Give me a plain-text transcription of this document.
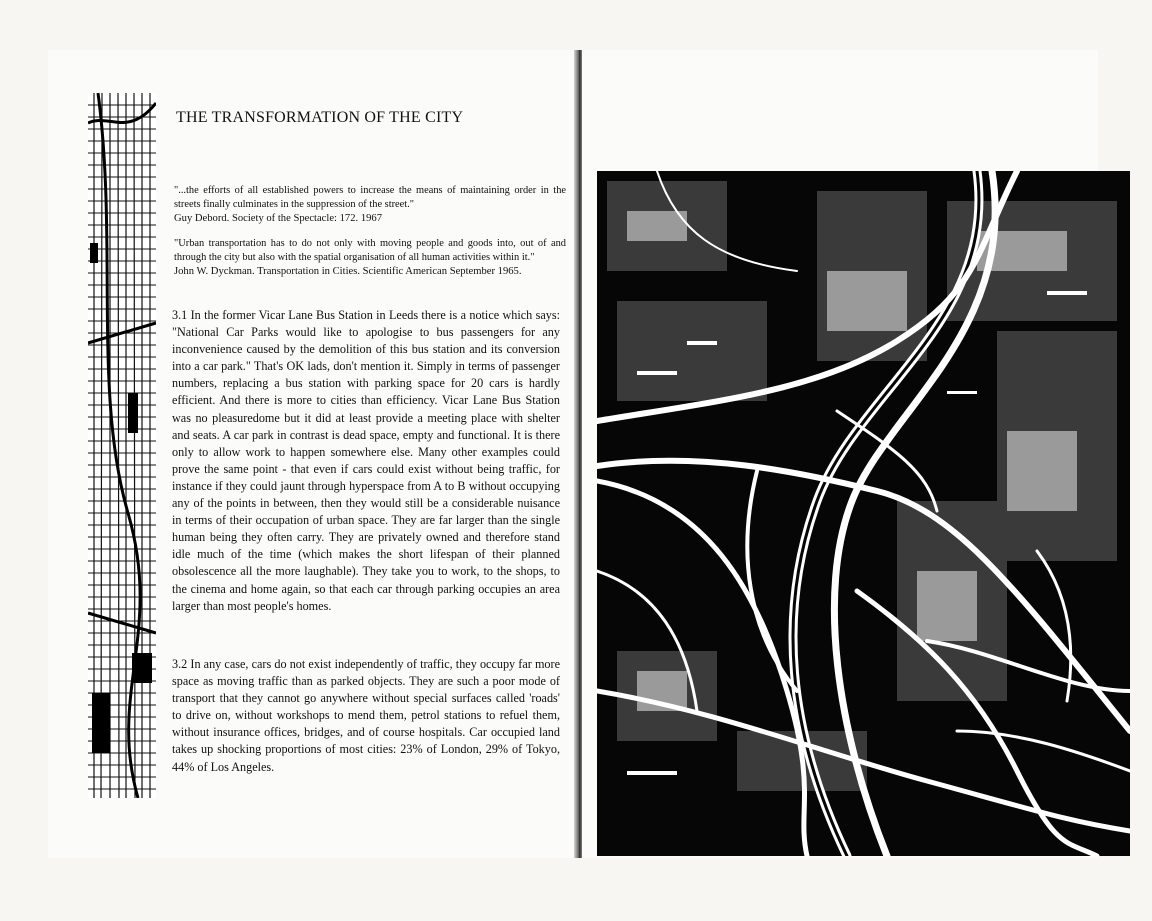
THE TRANSFORMATION OF THE CITY
"...the efforts of all established powers to increase the means of maintaining order in the streets finally culminates in the suppression of the street."
Guy Debord. Society of the Spectacle: 172. 1967
"Urban transportation has to do not only with moving people and goods into, out of and through the city but also with the spatial organisation of all human activities within it."
John W. Dyckman. Transportation in Cities. Scientific American September 1965.

3.1 In the former Vicar Lane Bus Station in Leeds there is a notice which says: "National Car Parks would like to apologise to bus passengers for any inconvenience caused by the demolition of this bus station and its conversion into a car park." That's OK lads, don't mention it. Simply in terms of passenger numbers, replacing a bus station with parking space for 20 cars is hardly efficient. And there is more to cities than efficiency. Vicar Lane Bus Station was no pleasuredome but it did at least provide a meeting place with shelter and seats. A car park in contrast is dead space, empty and functional. It is there only to allow work to happen somewhere else. Many other examples could prove the same point - that even if cars could exist without being traffic, for instance if they could jaunt through hyperspace from A to B without occupying any of the points in between, then they would still be a considerable nuisance in terms of their occupation of urban space. They are far larger than the single human being they often carry. They are privately owned and therefore stand idle much of the time (which makes the short lifespan of their planned obsolescence all the more laughable). They take you to work, to the shops, to the cinema and home again, so that each car through parking occupies an area larger than most people's homes.

3.2 In any case, cars do not exist independently of traffic, they occupy far more space as moving traffic than as parked objects. They are such a poor mode of transport that they cannot go anywhere without special surfaces called 'roads' to drive on, without workshops to mend them, petrol stations to refuel them, without insurance offices, bridges, and of course hospitals. Car occupied land takes up shocking proportions of most cities: 23% of London, 29% of Tokyo, 44% of Los Angeles.
